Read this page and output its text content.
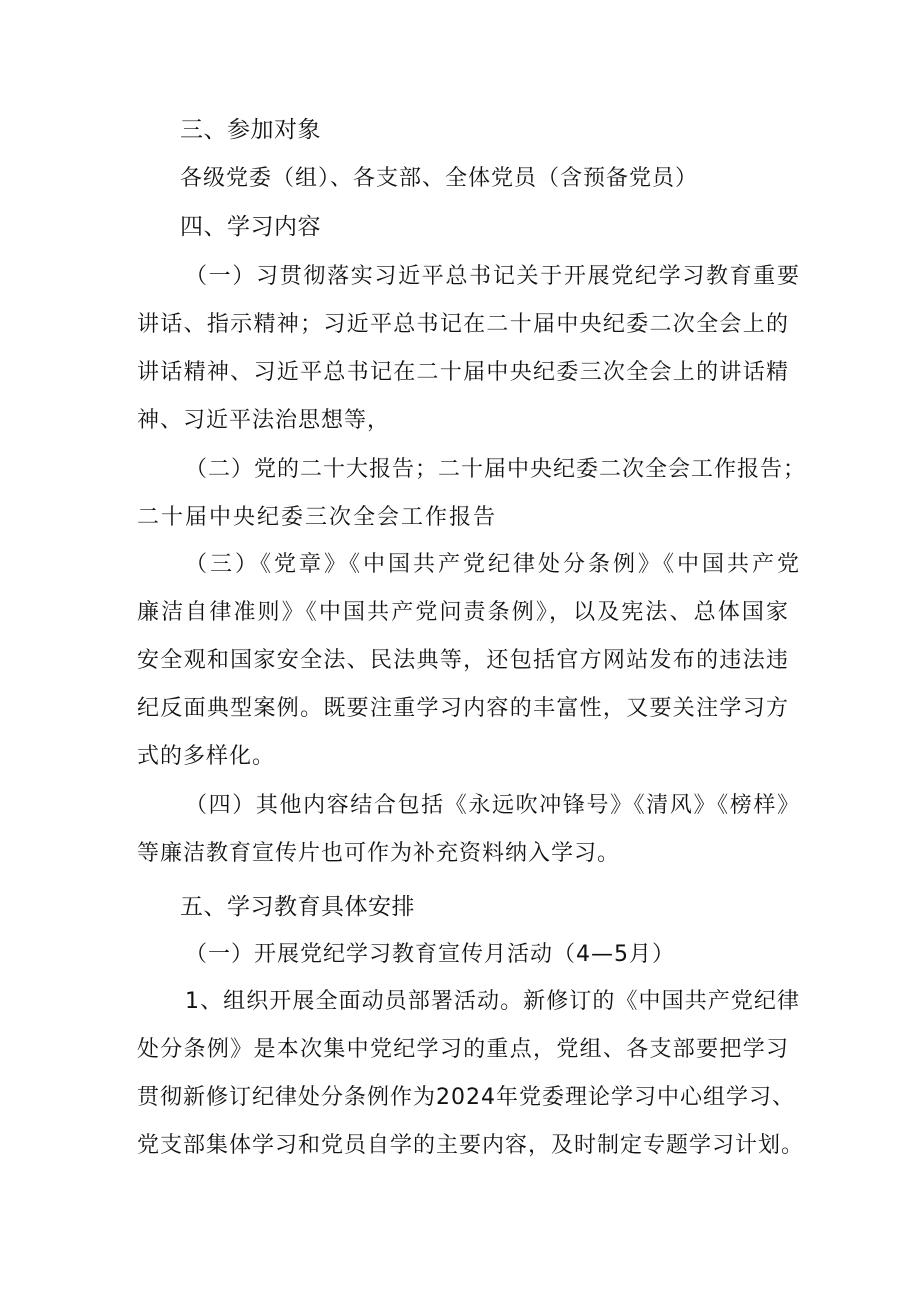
三、参加对象
各级党委（组）、各支部、全体党员（含预备党员）
四、学习内容
（一）习贯彻落实习近平总书记关于开展党纪学习教育重要
讲话、指示精神；习近平总书记在二十届中央纪委二次全会上的
讲话精神、习近平总书记在二十届中央纪委三次全会上的讲话精
神、习近平法治思想等，
（二）党的二十大报告；二十届中央纪委二次全会工作报告；
二十届中央纪委三次全会工作报告
（三）《党章》《中国共产党纪律处分条例》《中国共产党
廉洁自律准则》《中国共产党问责条例》，以及宪法、总体国家
安全观和国家安全法、民法典等，还包括官方网站发布的违法违
纪反面典型案例。既要注重学习内容的丰富性，又要关注学习方
式的多样化。
（四）其他内容结合包括《永远吹冲锋号》《清风》《榜样》
等廉洁教育宣传片也可作为补充资料纳入学习。
五、学习教育具体安排
（一）开展党纪学习教育宣传月活动（4—5月）
1、组织开展全面动员部署活动。新修订的《中国共产党纪律
处分条例》是本次集中党纪学习的重点，党组、各支部要把学习
贯彻新修订纪律处分条例作为2024年党委理论学习中心组学习、
党支部集体学习和党员自学的主要内容，及时制定专题学习计划。
